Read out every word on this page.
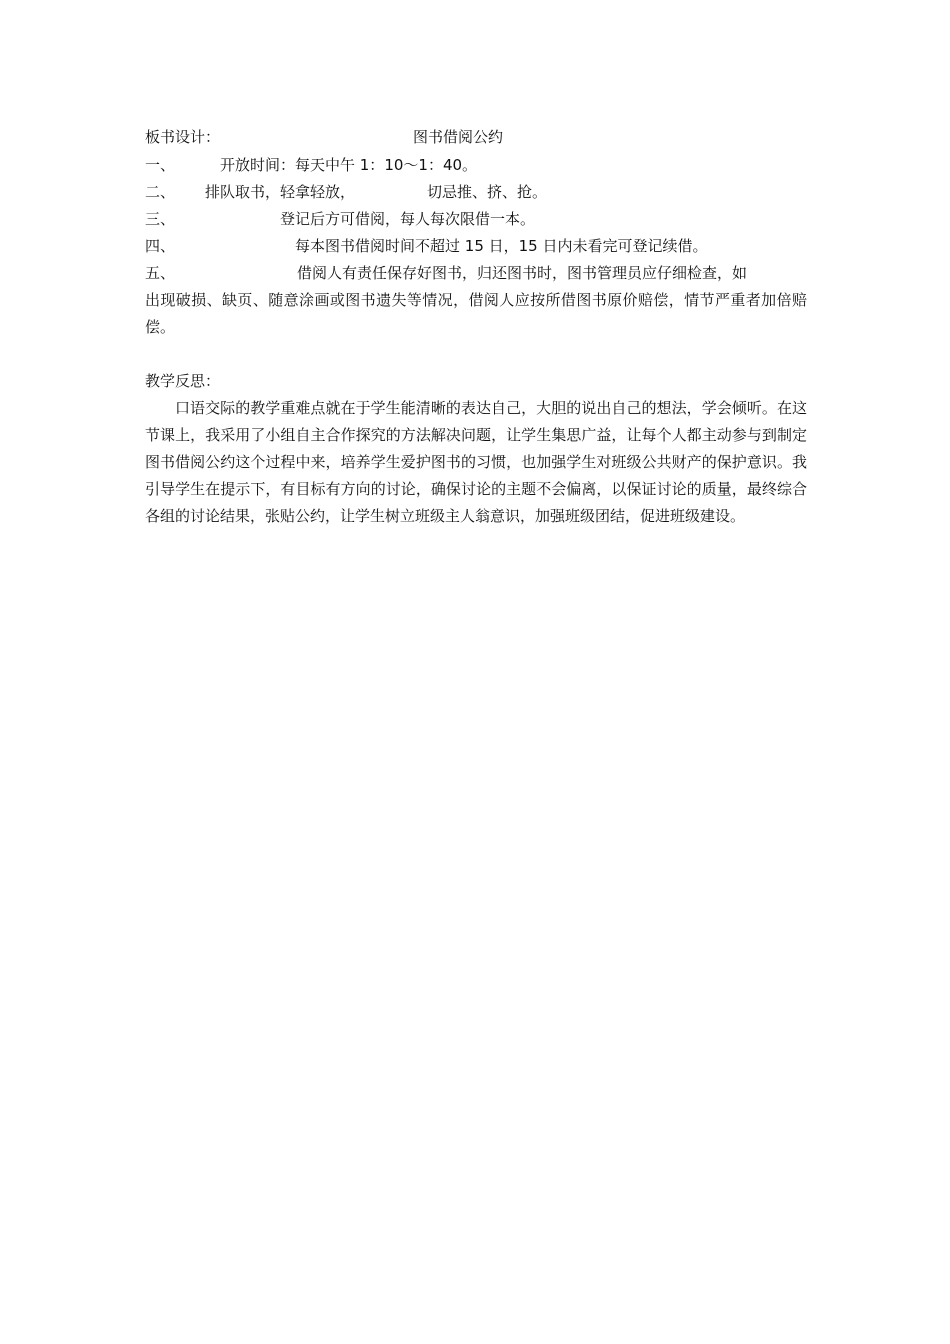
板书设计：	图书借阅公约
一、	开放时间：每天中午 1：10～1：40。
二、	排队取书，轻拿轻放，	切忌推、挤、抢。
三、	登记后方可借阅，每人每次限借一本。
四、	每本图书借阅时间不超过 15 日，15 日内未看完可登记续借。
五、	借阅人有责任保存好图书，归还图书时，图书管理员应仔细检查，如
出现破损、缺页、随意涂画或图书遗失等情况，借阅人应按所借图书原价赔偿，情节严重者加倍赔偿。
教学反思：
口语交际的教学重难点就在于学生能清晰的表达自己，大胆的说出自己的想法，学会倾听。在这节课上，我采用了小组自主合作探究的方法解决问题，让学生集思广益，让每个人都主动参与到制定图书借阅公约这个过程中来，培养学生爱护图书的习惯，也加强学生对班级公共财产的保护意识。我引导学生在提示下，有目标有方向的讨论，确保讨论的主题不会偏离，以保证讨论的质量，最终综合各组的讨论结果，张贴公约，让学生树立班级主人翁意识，加强班级团结，促进班级建设。
